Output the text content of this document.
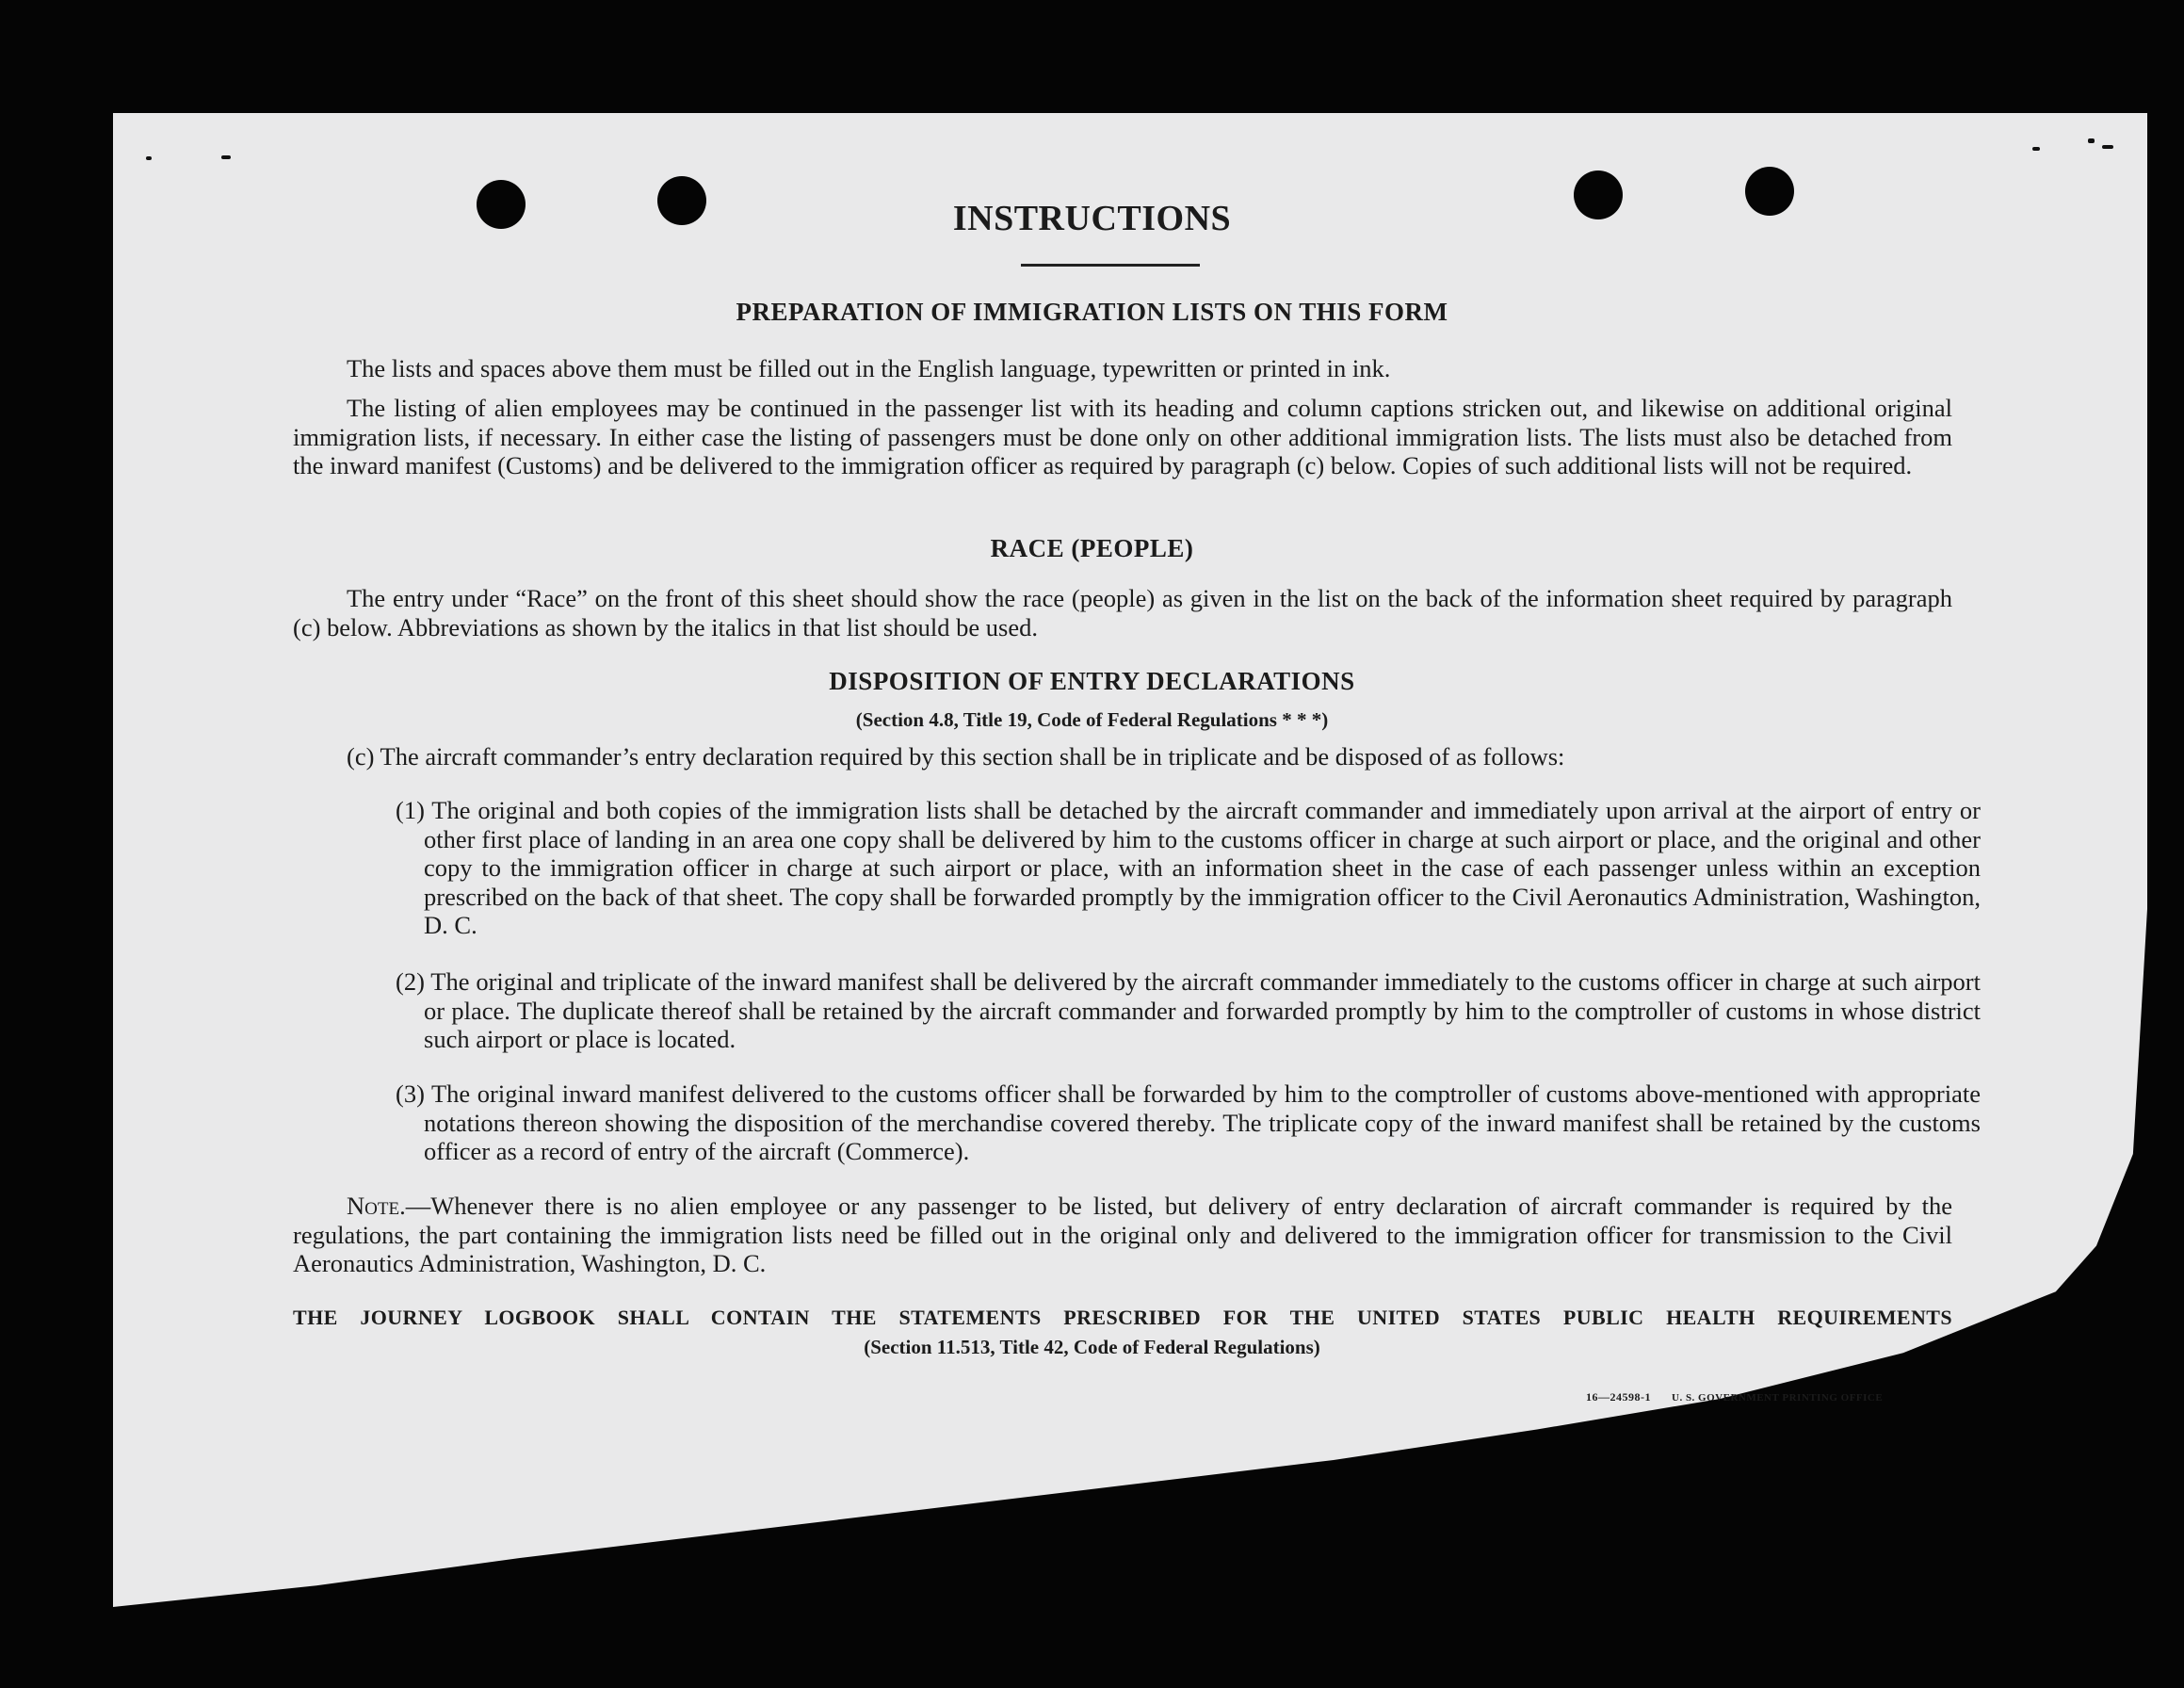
INSTRUCTIONS
PREPARATION OF IMMIGRATION LISTS ON THIS FORM

The lists and spaces above them must be filled out in the English language, typewritten or printed in ink.

The listing of alien employees may be continued in the passenger list with its heading and column captions stricken out, and likewise on additional original immigration lists, if necessary. In either case the listing of passengers must be done only on other additional immigration lists. The lists must also be detached from the inward manifest (Customs) and be delivered to the immigration officer as required by paragraph (c) below. Copies of such additional lists will not be required.

RACE (PEOPLE)

The entry under “Race” on the front of this sheet should show the race (people) as given in the list on the back of the information sheet required by paragraph (c) below. Abbreviations as shown by the italics in that list should be used.

DISPOSITION OF ENTRY DECLARATIONS
(Section 4.8, Title 19, Code of Federal Regulations * * *)

(c) The aircraft commander’s entry declaration required by this section shall be in triplicate and be disposed of as follows:

(1) The original and both copies of the immigration lists shall be detached by the aircraft commander and immediately upon arrival at the airport of entry or other first place of landing in an area one copy shall be delivered by him to the customs officer in charge at such airport or place, and the original and other copy to the immigration officer in charge at such airport or place, with an information sheet in the case of each passenger unless within an exception prescribed on the back of that sheet. The copy shall be forwarded promptly by the immigration officer to the Civil Aeronautics Administration, Washington, D. C.

(2) The original and triplicate of the inward manifest shall be delivered by the aircraft commander immediately to the customs officer in charge at such airport or place. The duplicate thereof shall be retained by the aircraft commander and forwarded promptly by him to the comptroller of customs in whose district such airport or place is located.

(3) The original inward manifest delivered to the customs officer shall be forwarded by him to the comptroller of customs above-mentioned with appropriate notations thereon showing the disposition of the merchandise covered thereby. The triplicate copy of the inward manifest shall be retained by the customs officer as a record of entry of the aircraft (Commerce).

Note.—Whenever there is no alien employee or any passenger to be listed, but delivery of entry declaration of aircraft commander is required by the regulations, the part containing the immigration lists need be filled out in the original only and delivered to the immigration officer for transmission to the Civil Aeronautics Administration, Washington, D. C.

THE JOURNEY LOGBOOK SHALL CONTAIN THE STATEMENTS PRESCRIBED FOR THE UNITED STATES PUBLIC HEALTH REQUIREMENTS
(Section 11.513, Title 42, Code of Federal Regulations)
16—24598-1 U. S. GOVERNMENT PRINTING OFFICE
